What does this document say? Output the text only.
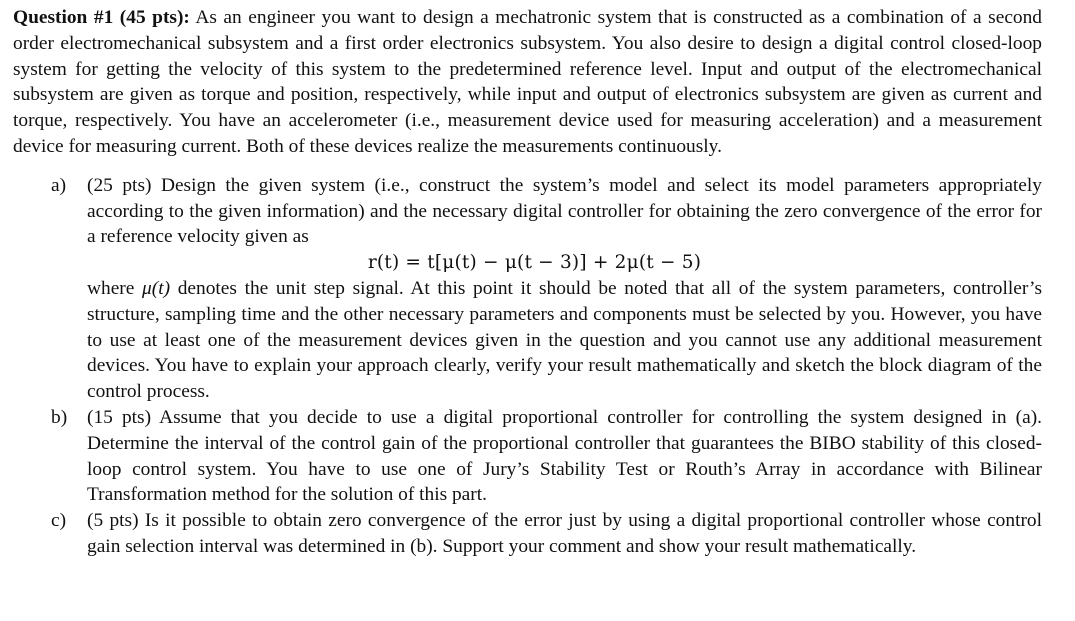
Question #1 (45 pts): As an engineer you want to design a mechatronic system that is constructed as a combination of a second order electromechanical subsystem and a first order electronics subsystem. You also desire to design a digital control closed-loop system for getting the velocity of this system to the predetermined reference level. Input and output of the electromechanical subsystem are given as torque and position, respectively, while input and output of electronics subsystem are given as current and torque, respectively. You have an accelerometer (i.e., measurement device used for measuring acceleration) and a measurement device for measuring current. Both of these devices realize the measurements continuously.

a) (25 pts) Design the given system (i.e., construct the system’s model and select its model parameters appropriately according to the given information) and the necessary digital controller for obtaining the zero convergence of the error for a reference velocity given as

r(t) = t[μ(t) − μ(t − 3)] + 2μ(t − 5)

where μ(t) denotes the unit step signal. At this point it should be noted that all of the system parameters, controller’s structure, sampling time and the other necessary parameters and components must be selected by you. However, you have to use at least one of the measurement devices given in the question and you cannot use any additional measurement devices. You have to explain your approach clearly, verify your result mathematically and sketch the block diagram of the control process.

b) (15 pts) Assume that you decide to use a digital proportional controller for controlling the system designed in (a). Determine the interval of the control gain of the proportional controller that guarantees the BIBO stability of this closed-loop control system. You have to use one of Jury’s Stability Test or Routh’s Array in accordance with Bilinear Transformation method for the solution of this part.

c) (5 pts) Is it possible to obtain zero convergence of the error just by using a digital proportional controller whose control gain selection interval was determined in (b). Support your comment and show your result mathematically.
